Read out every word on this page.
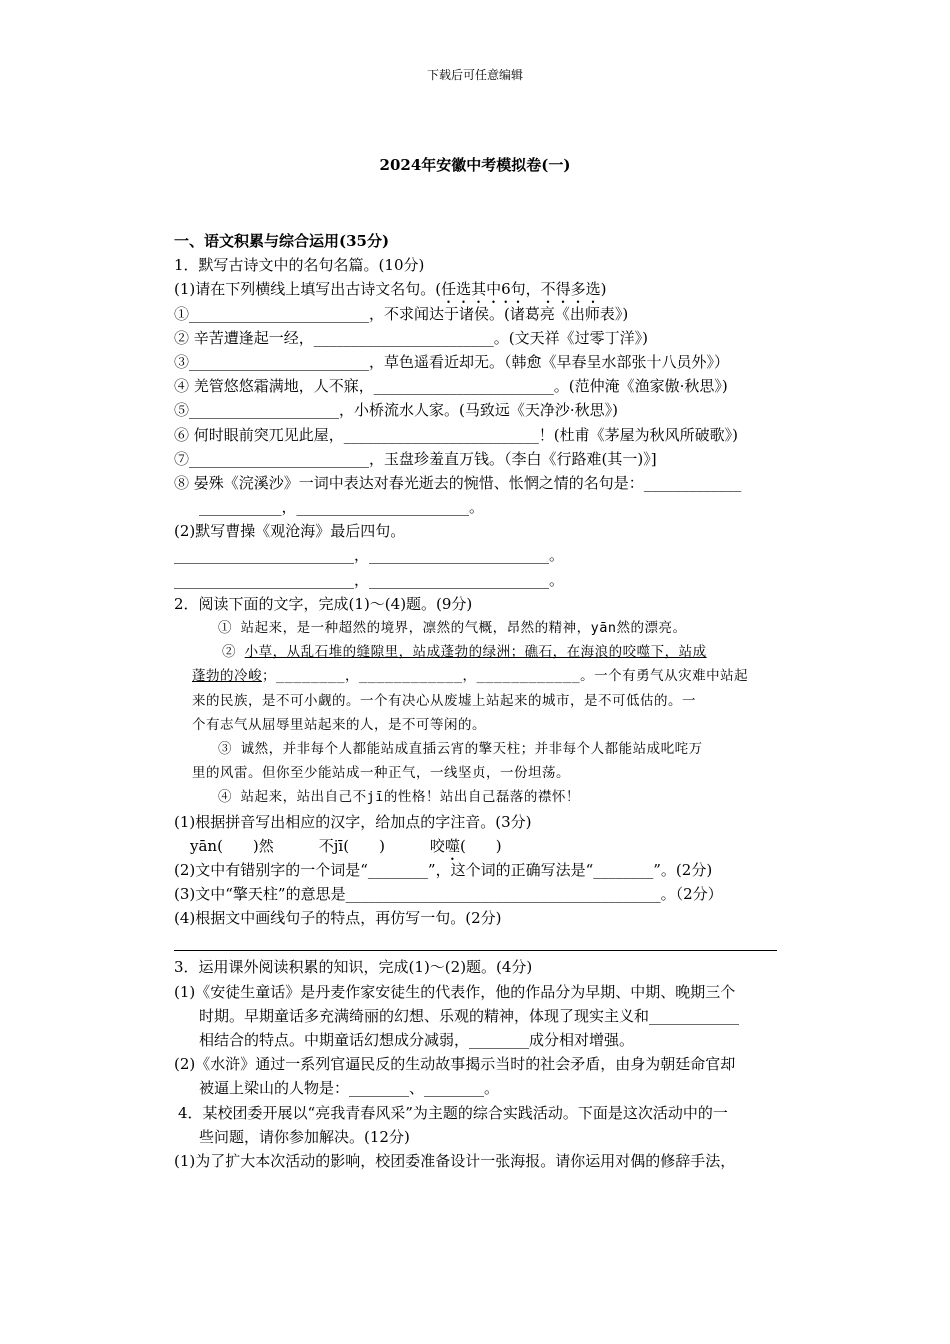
下载后可任意编辑
2024年安徽中考模拟卷(一)
一、语文积累与综合运用(35分)
1．默写古诗文中的名句名篇。(10分)
(1)请在下列横线上填写出古诗文名句。(任选其中6句，不得多选)
①________________________，不求闻达于诸侯。(诸葛亮《出师表》)
② 辛苦遭逢起一经，________________________。(文天祥《过零丁洋》)
③________________________，草色遥看近却无。（韩愈《早春呈水部张十八员外》）
④ 羌管悠悠霜满地，人不寐，________________________。(范仲淹《渔家傲·秋思》)
⑤____________________，小桥流水人家。(马致远《天净沙·秋思》)
⑥ 何时眼前突兀见此屋，__________________________！(杜甫《茅屋为秋风所破歌》)
⑦________________________，玉盘珍羞直万钱。（李白《行路难(其一)》]
⑧ 晏殊《浣溪沙》一词中表达对春光逝去的惋惜、怅惘之情的名句是：_____________
___________，_______________________。
(2)默写曹操《观沧海》最后四句。
________________________，________________________。
________________________，________________________。
2．阅读下面的文字，完成(1)～(4)题。(9分)
① 站起来，是一种超然的境界，凛然的气概，昂然的精神，yān然的漂亮。
② 小草，从乱石堆的缝隙里，站成蓬勃的绿洲；礁石，在海浪的咬噬下，站成
蓬勃的冷峻；________，____________，____________。一个有勇气从灾难中站起
来的民族，是不可小觑的。一个有决心从废墟上站起来的城市，是不可低估的。一
个有志气从屈辱里站起来的人，是不可等闲的。
③ 诚然，并非每个人都能站成直插云宵的擎天柱；并非每个人都能站成叱咤万
里的风雷。但你至少能站成一种正气，一线坚贞，一份坦荡。
④ 站起来，站出自己不jī的性格！站出自己磊落的襟怀！
(1)根据拼音写出相应的汉字，给加点的字注音。(3分)
yān(　　)然　　　不jī(　　)　　　咬噬(　　)
(2)文中有错别字的一个词是“________”，这个词的正确写法是“________”。(2分)
(3)文中“擎天柱”的意思是__________________________________________。（2分）
(4)根据文中画线句子的特点，再仿写一句。(2分)
3．运用课外阅读积累的知识，完成(1)～(2)题。(4分)
(1)《安徒生童话》是丹麦作家安徒生的代表作，他的作品分为早期、中期、晚期三个
时期。早期童话多充满绮丽的幻想、乐观的精神，体现了现实主义和____________
相结合的特点。中期童话幻想成分减弱，________成分相对增强。
(2)《水浒》通过一系列官逼民反的生动故事揭示当时的社会矛盾，由身为朝廷命官却
被逼上梁山的人物是：________、________。
4．某校团委开展以“亮我青春风采”为主题的综合实践活动。下面是这次活动中的一
些问题，请你参加解决。(12分)
(1)为了扩大本次活动的影响，校团委准备设计一张海报。请你运用对偶的修辞手法，
